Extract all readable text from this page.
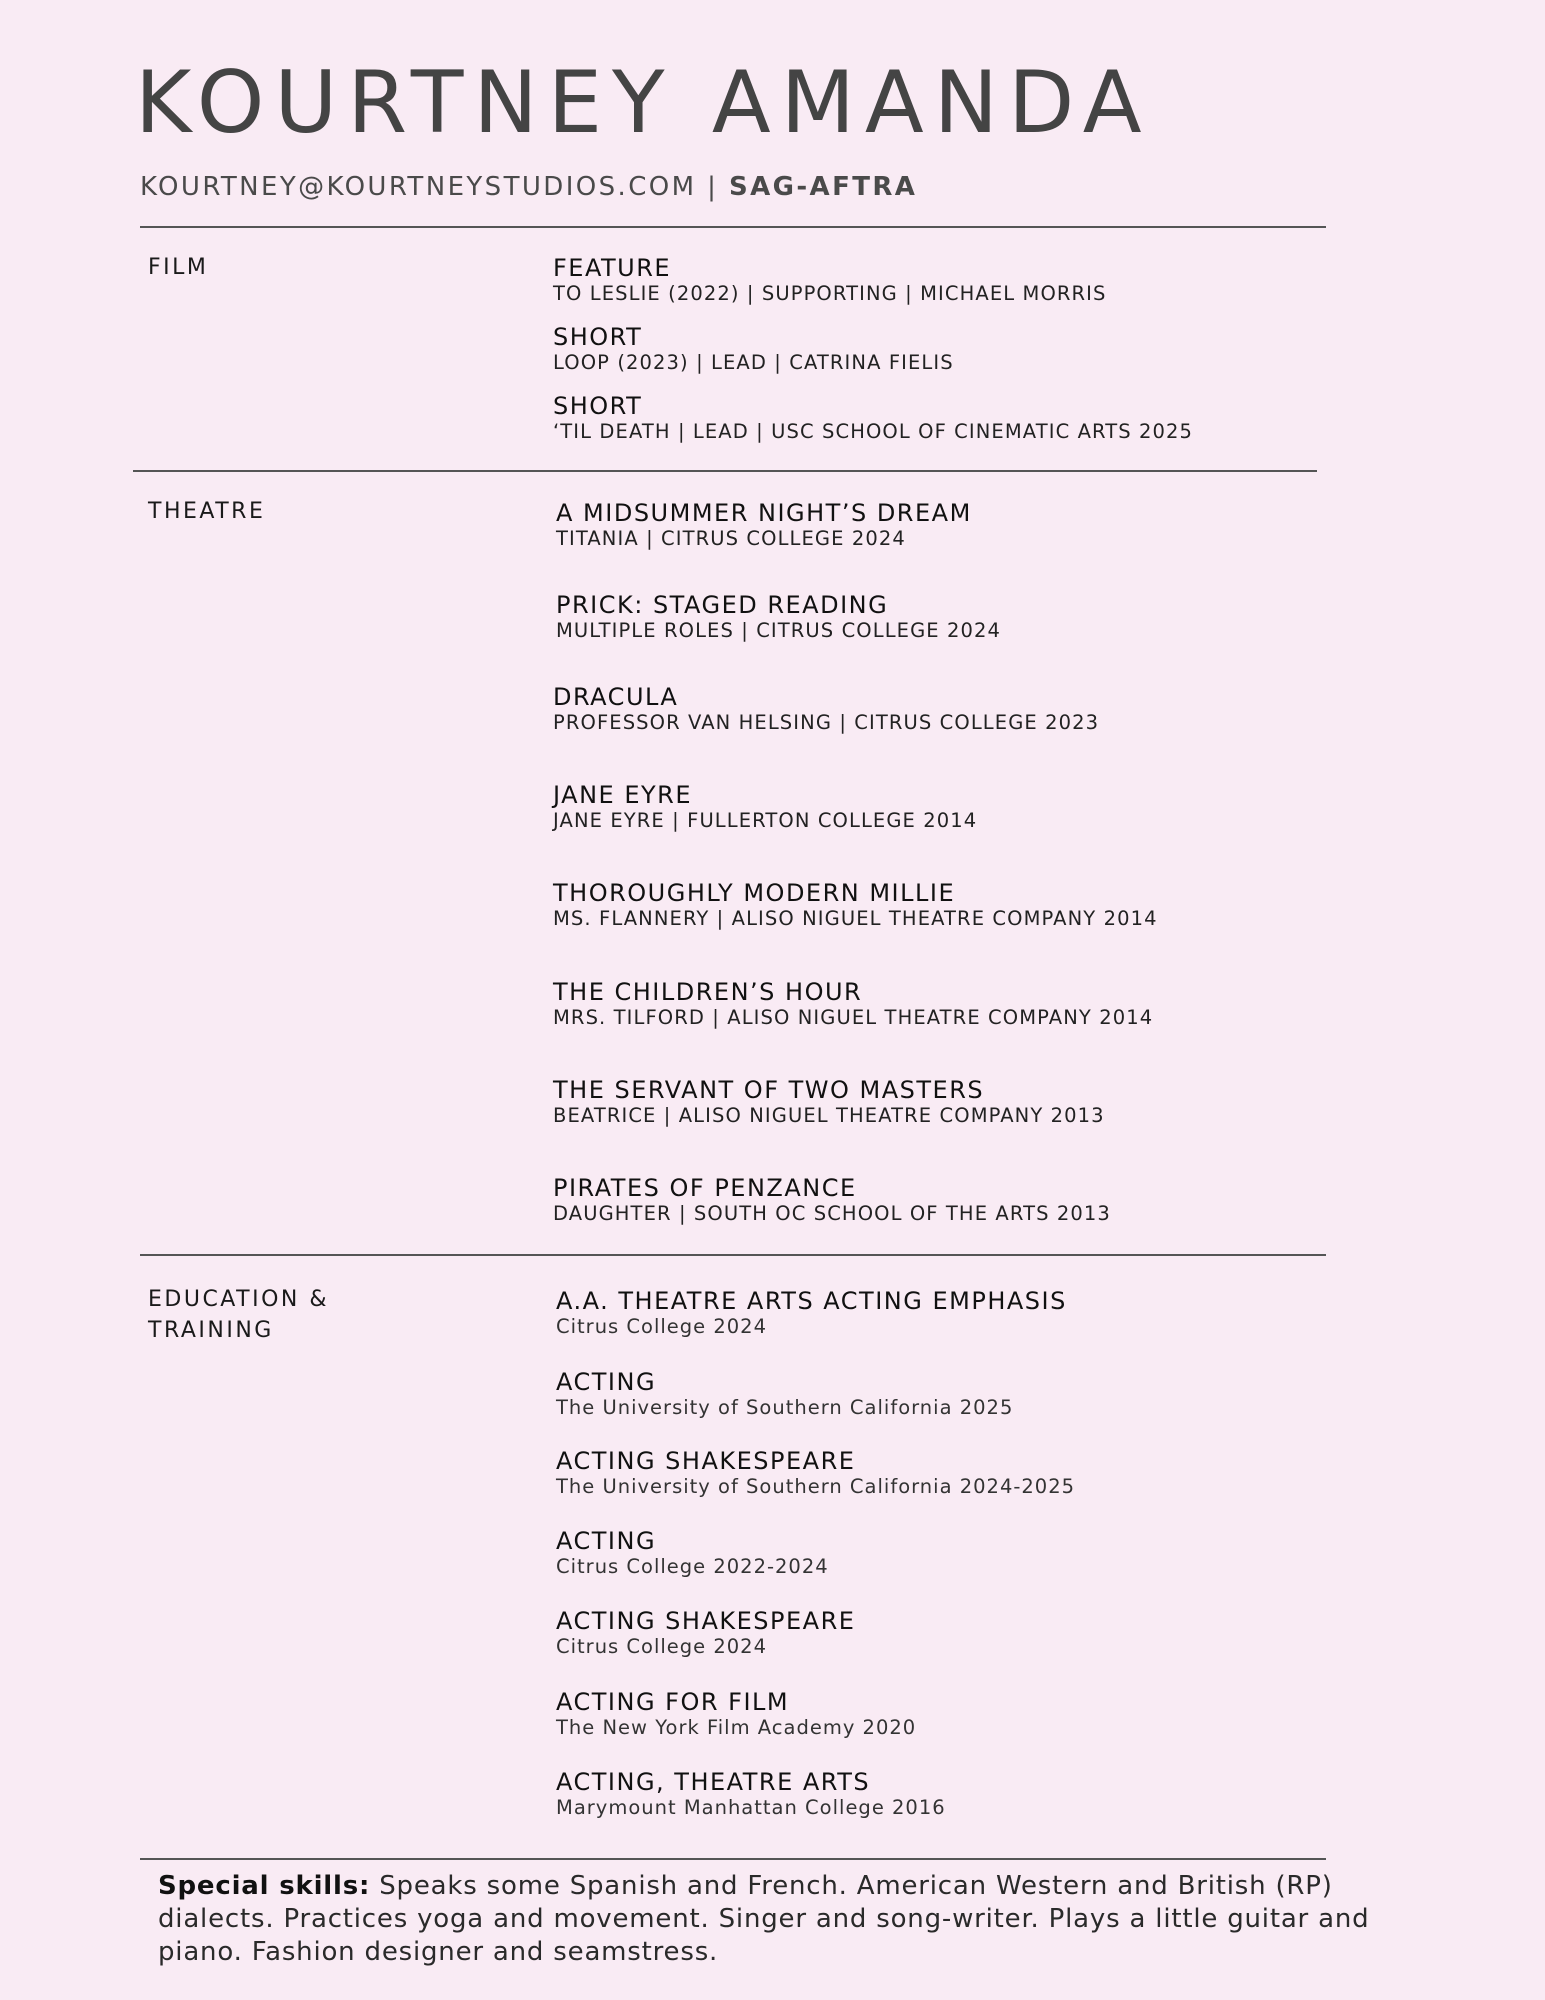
KOURTNEY AMANDA
KOURTNEY@KOURTNEYSTUDIOS.COM | SAG-AFTRA
FILM	FEATURE
TO LESLIE (2022) | SUPPORTING | MICHAEL MORRIS
SHORT
LOOP (2023) | LEAD | CATRINA FIELIS
SHORT
‘TIL DEATH | LEAD | USC SCHOOL OF CINEMATIC ARTS 2025
THEATRE	A MIDSUMMER NIGHT’S DREAM
TITANIA | CITRUS COLLEGE 2024
PRICK: STAGED READING
MULTIPLE ROLES | CITRUS COLLEGE 2024
DRACULA
PROFESSOR VAN HELSING | CITRUS COLLEGE 2023
JANE EYRE
JANE EYRE | FULLERTON COLLEGE 2014
THOROUGHLY MODERN MILLIE
MS. FLANNERY | ALISO NIGUEL THEATRE COMPANY 2014
THE CHILDREN’S HOUR
MRS. TILFORD | ALISO NIGUEL THEATRE COMPANY 2014
THE SERVANT OF TWO MASTERS
BEATRICE | ALISO NIGUEL THEATRE COMPANY 2013
PIRATES OF PENZANCE
DAUGHTER | SOUTH OC SCHOOL OF THE ARTS 2013
EDUCATION &
TRAINING
A.A. THEATRE ARTS ACTING EMPHASIS
Citrus College 2024
ACTING
The University of Southern California 2025
ACTING SHAKESPEARE
The University of Southern California 2024-2025
ACTING
Citrus College 2022-2024
ACTING SHAKESPEARE
Citrus College 2024
ACTING FOR FILM
The New York Film Academy 2020
ACTING, THEATRE ARTS
Marymount Manhattan College 2016
Special skills: Speaks some Spanish and French. American Western and British (RP) dialects. Practices yoga and movement. Singer and song-writer. Plays a little guitar and piano. Fashion designer and seamstress.
